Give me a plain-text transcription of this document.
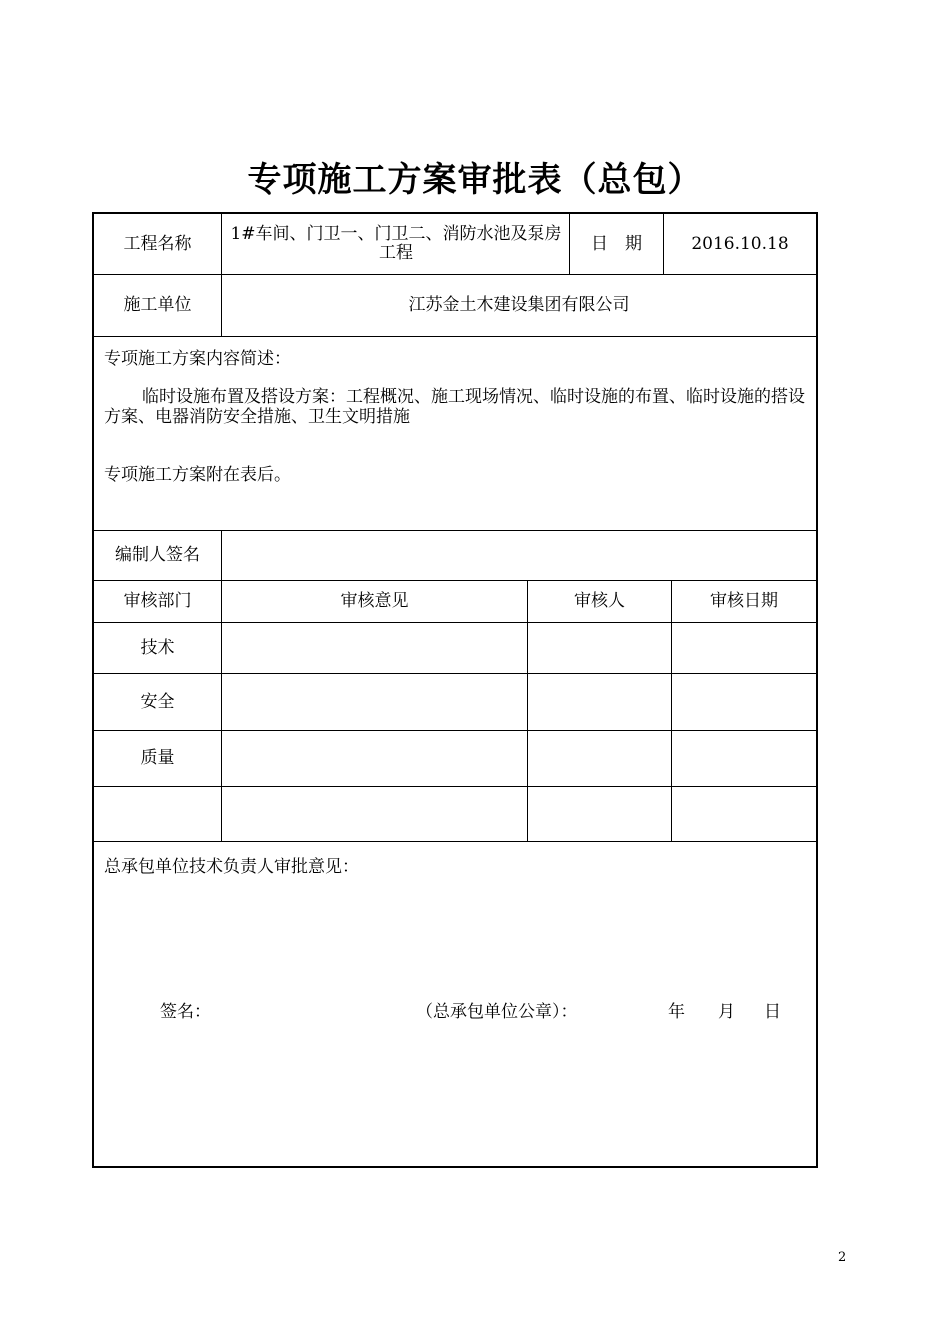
专项施工方案审批表（总包）
工程名称	1#车间、门卫一、门卫二、消防水池及泵房工程	日　期	2016.10.18
施工单位	江苏金土木建设集团有限公司
专项施工方案内容简述：
临时设施布置及搭设方案：工程概况、施工现场情况、临时设施的布置、临时设施的搭设方案、电器消防安全措施、卫生文明措施
专项施工方案附在表后。
编制人签名
审核部门	审核意见	审核人	审核日期
技术
安全
质量
总承包单位技术负责人审批意见：
签名：	（总承包单位公章）：	年 月 日
2
